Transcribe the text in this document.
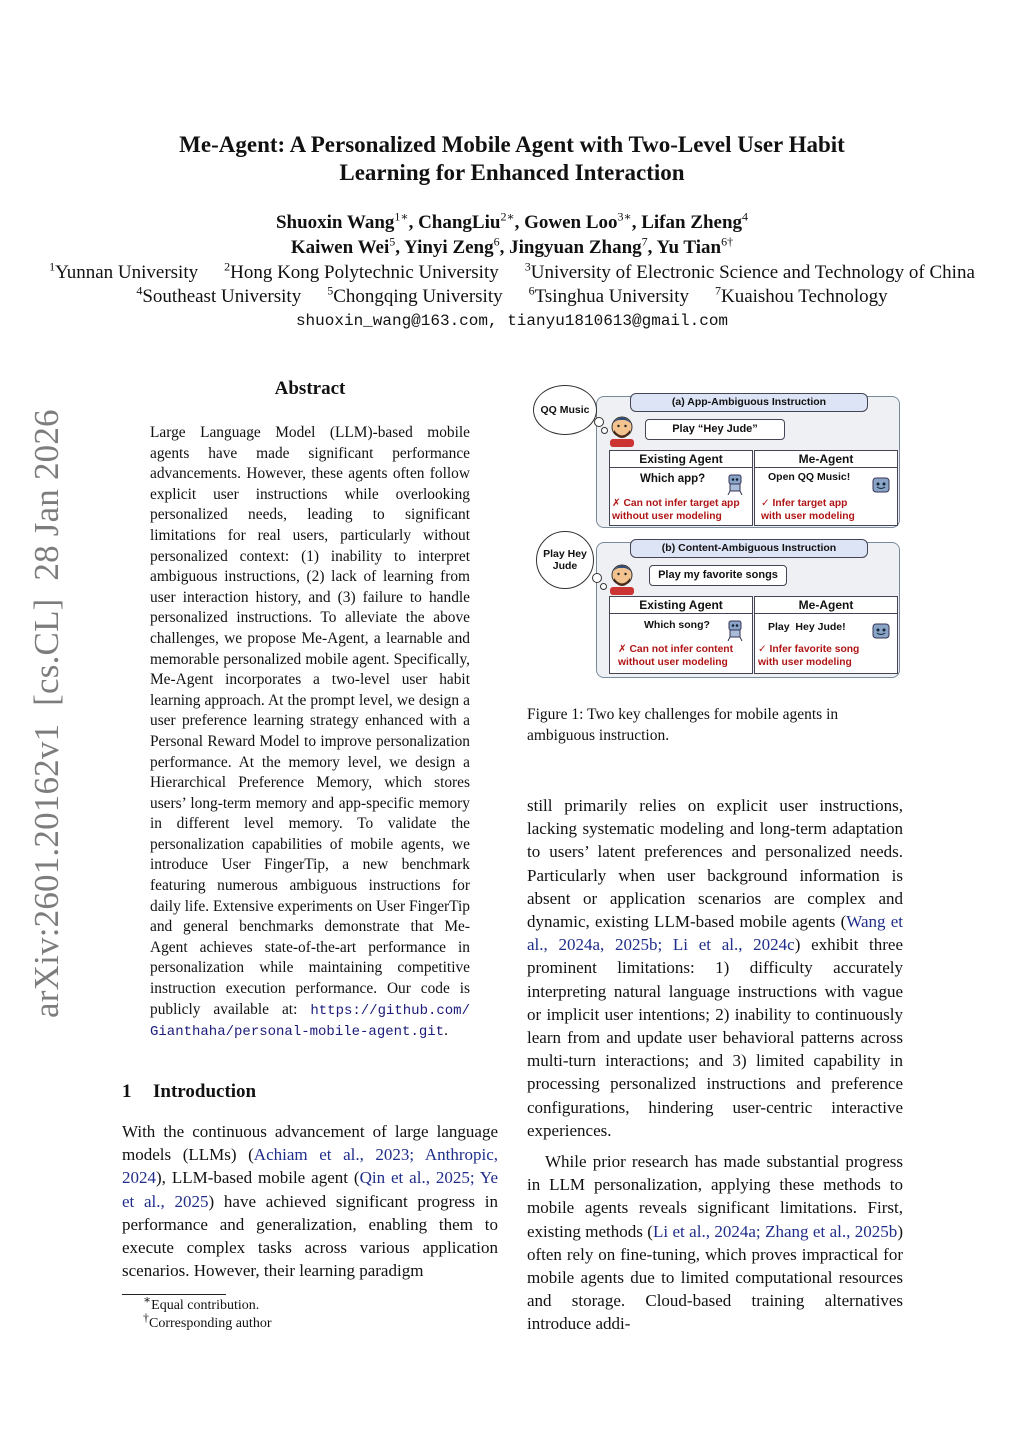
Me-Agent: A Personalized Mobile Agent with Two-Level User Habit
Learning for Enhanced Interaction
Shuoxin Wang$^{1∗}$, ChangLiu$^{2∗}$, Gowen Loo$^{3∗}$, Lifan Zheng$^4$
Kaiwen Wei$^5$, Yinyi Zeng$^6$, Jingyuan Zhang$^7$, Yu Tian$^{6\dagger}$
$^1$Yunnan University $^2$Hong Kong Polytechnic University $^3$University of Electronic Science and Technology of China
$^4$Southeast University $^5$Chongqing University $^6$Tsinghua University $^7$Kuaishou Technology
shuoxin_wang@163.com, tianyu1810613@gmail.com
arXiv:2601.20162v1  [cs.CL]  28 Jan 2026
Abstract
Large Language Model (LLM)-based mobile agents have made significant performance advancements. However, these agents often follow explicit user instructions while overlooking personalized needs, leading to significant limitations for real users, particularly without personalized context: (1) inability to interpret ambiguous instructions, (2) lack of learning from user interaction history, and (3) failure to handle personalized instructions. To alleviate the above challenges, we propose Me-Agent, a learnable and memorable personalized mobile agent. Specifically, Me-Agent incorporates a two-level user habit learning approach. At the prompt level, we design a user preference learning strategy enhanced with a Personal Reward Model to improve personalization performance. At the memory level, we design a Hierarchical Preference Memory, which stores users’ long-term memory and app-specific memory in different level memory. To validate the personalization capabilities of mobile agents, we introduce User FingerTip, a new benchmark featuring numerous ambiguous instructions for daily life. Extensive experiments on User FingerTip and general benchmarks demonstrate that Me-Agent achieves state-of-the-art performance in personalization while maintaining competitive instruction execution performance. Our code is publicly available at: https://github.com/ Gianthaha/personal-mobile-agent.git.
1 Introduction
With the continuous advancement of large language models (LLMs) (Achiam et al., 2023; Anthropic, 2024), LLM-based mobile agent (Qin et al., 2025; Ye et al., 2025) have achieved significant progress in performance and generalization, enabling them to execute complex tasks across various application scenarios. However, their learning paradigm
∗Equal contribution.
†Corresponding author
(a) App-Ambiguous Instruction
QQ Music
Play “Hey Jude”
Existing Agent
Which app?
✗ Can not infer target app
without user modeling
Me-Agent
Open QQ Music!
✓ Infer target app
with user modeling
(b) Content-Ambiguous Instruction
Play Hey Jude
Play my favorite songs
Existing Agent
Which song?
✗ Can not infer content
without user modeling
Me-Agent
Play  Hey Jude!
✓ Infer favorite song
with user modeling
Figure 1: Two key challenges for mobile agents in ambiguous instruction.
still primarily relies on explicit user instructions, lacking systematic modeling and long-term adaptation to users’ latent preferences and personalized needs. Particularly when user background information is absent or application scenarios are complex and dynamic, existing LLM-based mobile agents (Wang et al., 2024a, 2025b; Li et al., 2024c) exhibit three prominent limitations: 1) difficulty accurately interpreting natural language instructions with vague or implicit user intentions; 2) inability to continuously learn from and update user behavioral patterns across multi-turn interactions; and 3) limited capability in processing personalized instructions and preference configurations, hindering user-centric interactive experiences.
While prior research has made substantial progress in LLM personalization, applying these methods to mobile agents reveals significant limitations. First, existing methods (Li et al., 2024a; Zhang et al., 2025b) often rely on fine-tuning, which proves impractical for mobile agents due to limited computational resources and storage. Cloud-based training alternatives introduce addi-
